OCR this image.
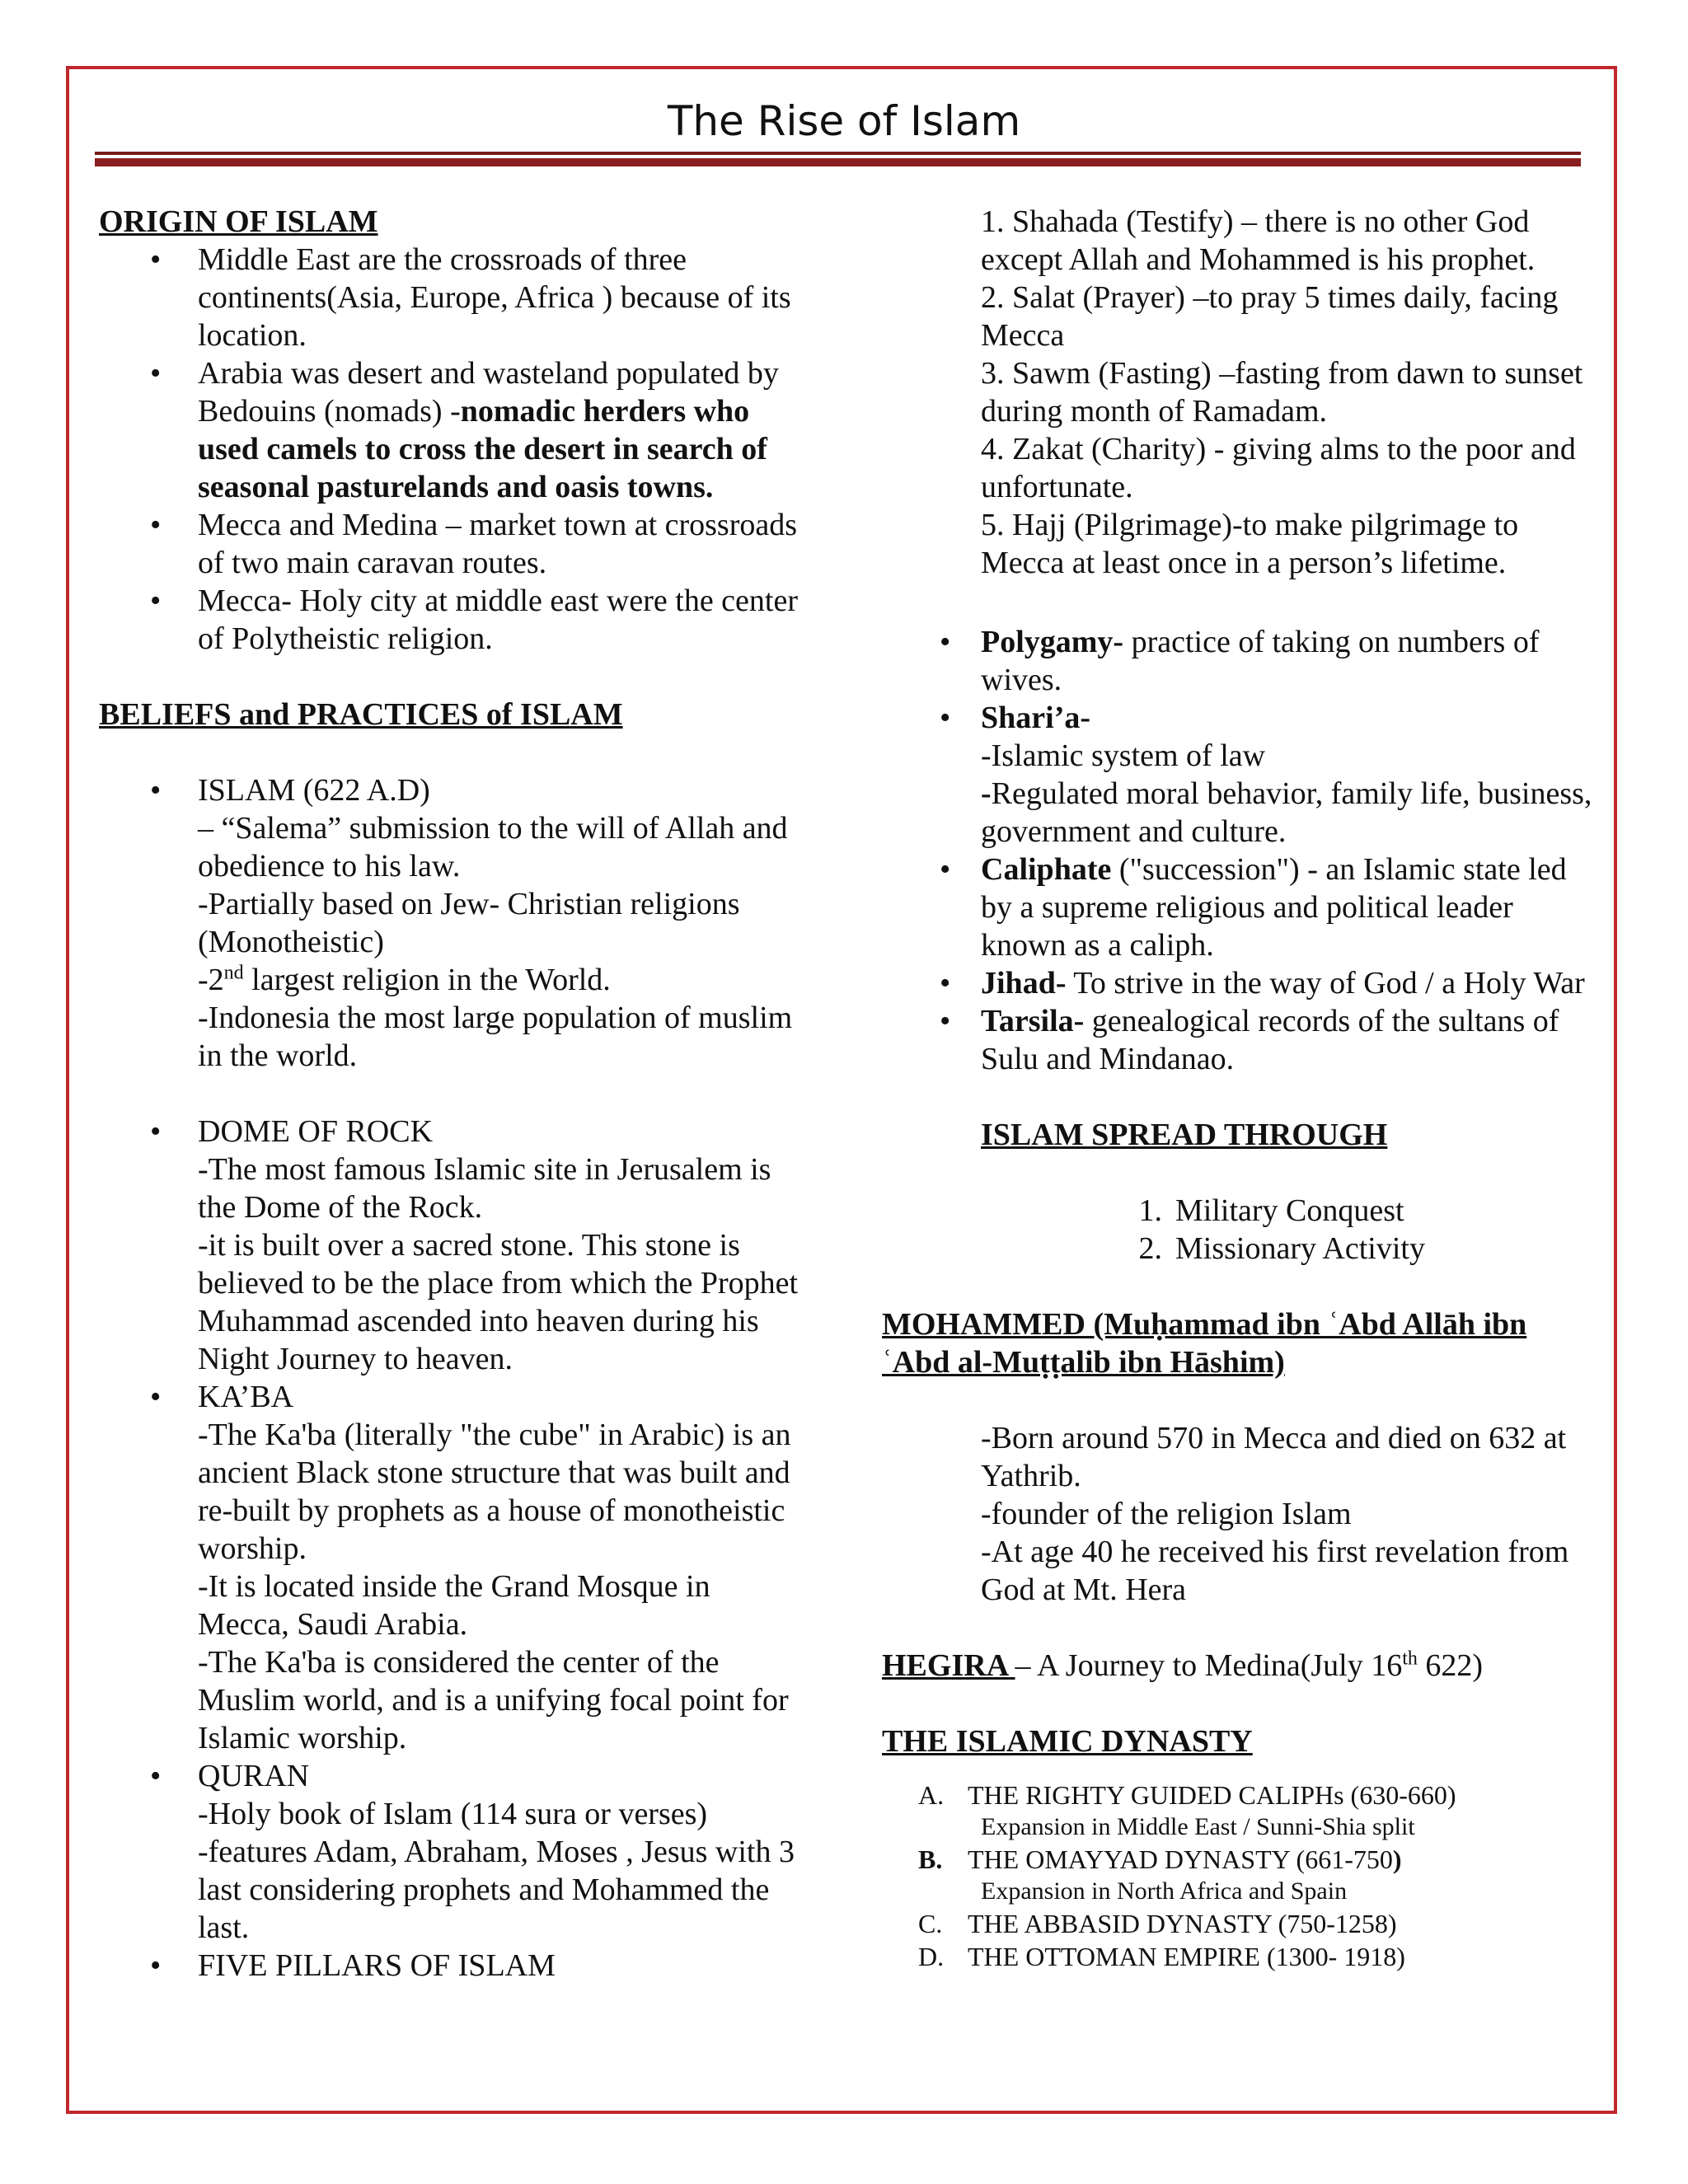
The Rise of Islam
ORIGIN OF ISLAM
• Middle East are the crossroads of three continents(Asia, Europe, Africa ) because of its location.
• Arabia was desert and wasteland populated by Bedouins (nomads) -nomadic herders who used camels to cross the desert in search of seasonal pasturelands and oasis towns.
• Mecca and Medina – market town at crossroads of two main caravan routes.
• Mecca- Holy city at middle east were the center of Polytheistic religion.
BELIEFS and PRACTICES of ISLAM
• ISLAM (622 A.D)
– “Salema” submission to the will of Allah and obedience to his law.
-Partially based on Jew- Christian religions (Monotheistic)
-2nd largest religion in the World.
-Indonesia the most large population of muslim in the world.
• DOME OF ROCK
-The most famous Islamic site in Jerusalem is the Dome of the Rock.
-it is built over a sacred stone. This stone is believed to be the place from which the Prophet Muhammad ascended into heaven during his Night Journey to heaven.
• KA’BA
-The Ka'ba (literally "the cube" in Arabic) is an ancient Black stone structure that was built and re-built by prophets as a house of monotheistic worship.
-It is located inside the Grand Mosque in Mecca, Saudi Arabia.
-The Ka'ba is considered the center of the Muslim world, and is a unifying focal point for Islamic worship.
• QURAN
-Holy book of Islam (114 sura or verses)
-features Adam, Abraham, Moses , Jesus with 3 last considering prophets and Mohammed the last.
• FIVE PILLARS OF ISLAM
1. Shahada (Testify) – there is no other God except Allah and Mohammed is his prophet.
2. Salat (Prayer) –to pray 5 times daily, facing Mecca
3. Sawm (Fasting) –fasting from dawn to sunset during month of Ramadam.
4. Zakat (Charity) - giving alms to the poor and unfortunate.
5. Hajj (Pilgrimage)-to make pilgrimage to Mecca at least once in a person’s lifetime.
• Polygamy- practice of taking on numbers of wives.
• Shari’a-
-Islamic system of law
-Regulated moral behavior, family life, business, government and culture.
• Caliphate ("succession") - an Islamic state led by a supreme religious and political leader known as a caliph.
• Jihad- To strive in the way of God / a Holy War
• Tarsila- genealogical records of the sultans of Sulu and Mindanao.
ISLAM SPREAD THROUGH
1. Military Conquest
2. Missionary Activity
MOHAMMED (Muḥammad ibn ʿAbd Allāh ibn ʿAbd al-Muṭṭalib ibn Hāshim)
-Born around 570 in Mecca and died on 632 at Yathrib.
-founder of the religion Islam
-At age 40 he received his first revelation from God at Mt. Hera
HEGIRA – A Journey to Medina(July 16th 622)
THE ISLAMIC DYNASTY
A. THE RIGHTY GUIDED CALIPHs (630-660)
Expansion in Middle East / Sunni-Shia split
B. THE OMAYYAD DYNASTY (661-750 )
Expansion in North Africa and Spain
C. THE ABBASID DYNASTY (750-1258)
D. THE OTTOMAN EMPIRE (1300- 1918)
